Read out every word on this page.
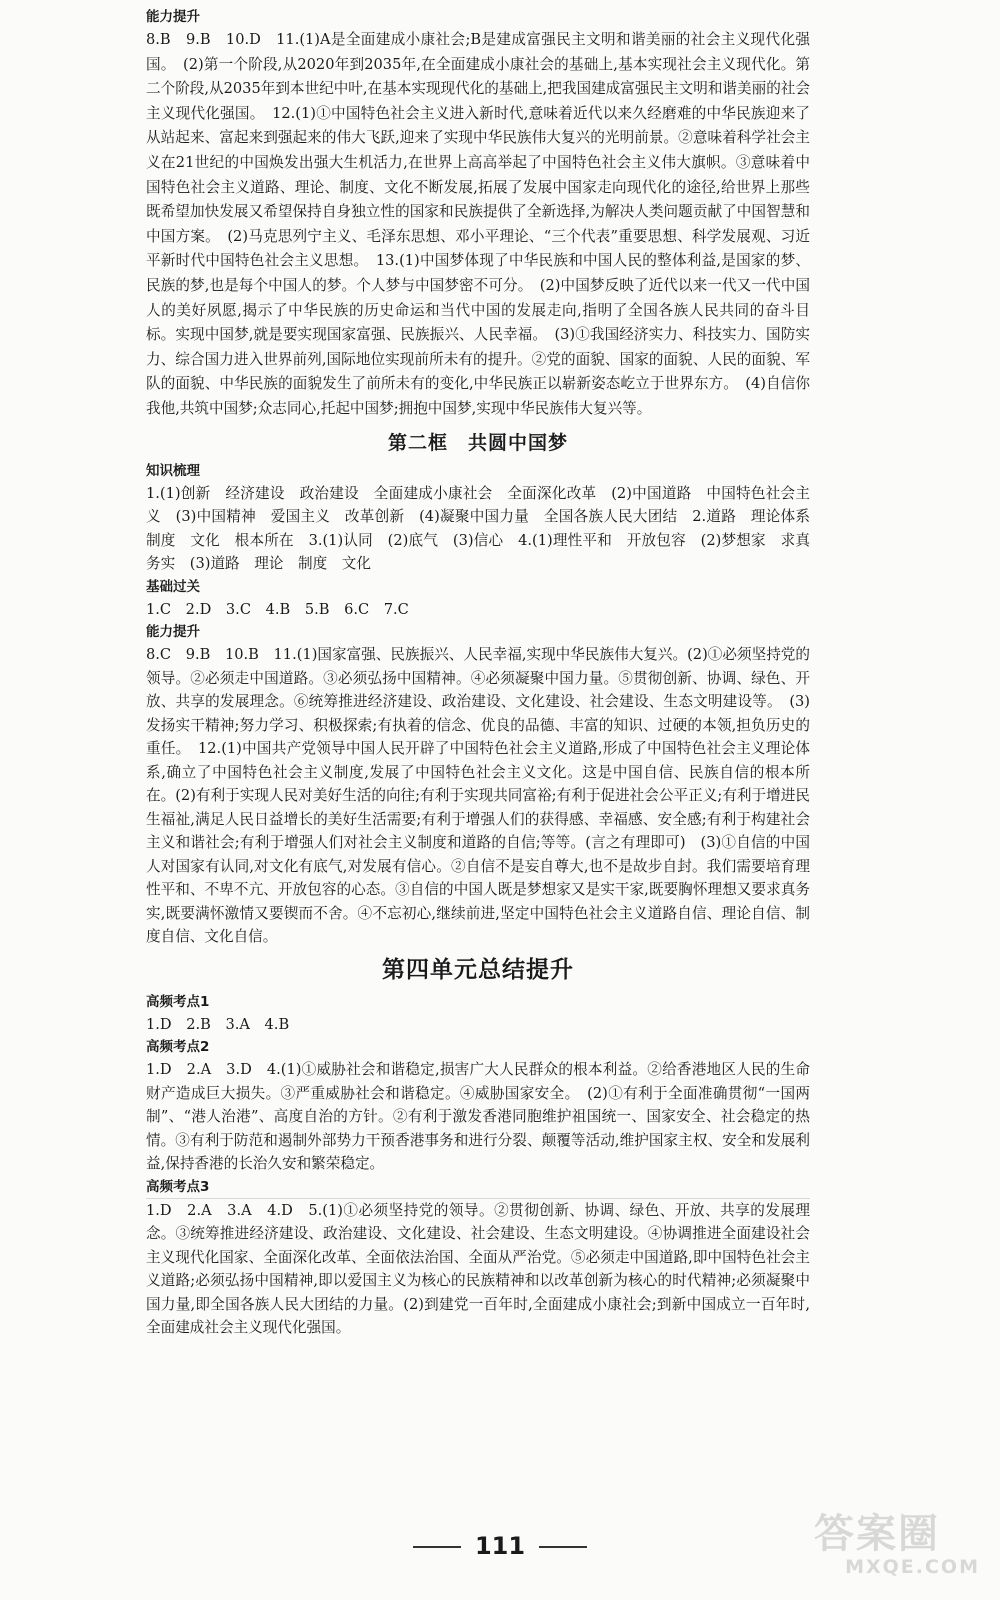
能力提升

8.B　9.B　10.D　11.(1)A是全面建成小康社会;B是建成富强民主文明和谐美丽的社会主义现代化强国。　(2)第一个阶段,从2020年到2035年,在全面建成小康社会的基础上,基本实现社会主义现代化。第二个阶段,从2035年到本世纪中叶,在基本实现现代化的基础上,把我国建成富强民主文明和谐美丽的社会主义现代化强国。　12.(1)①中国特色社会主义进入新时代,意味着近代以来久经磨难的中华民族迎来了从站起来、富起来到强起来的伟大飞跃,迎来了实现中华民族伟大复兴的光明前景。②意味着科学社会主义在21世纪的中国焕发出强大生机活力,在世界上高高举起了中国特色社会主义伟大旗帜。③意味着中国特色社会主义道路、理论、制度、文化不断发展,拓展了发展中国家走向现代化的途径,给世界上那些既希望加快发展又希望保持自身独立性的国家和民族提供了全新选择,为解决人类问题贡献了中国智慧和中国方案。　(2)马克思列宁主义、毛泽东思想、邓小平理论、“三个代表”重要思想、科学发展观、习近平新时代中国特色社会主义思想。　13.(1)中国梦体现了中华民族和中国人民的整体利益,是国家的梦、民族的梦,也是每个中国人的梦。个人梦与中国梦密不可分。　(2)中国梦反映了近代以来一代又一代中国人的美好夙愿,揭示了中华民族的历史命运和当代中国的发展走向,指明了全国各族人民共同的奋斗目标。实现中国梦,就是要实现国家富强、民族振兴、人民幸福。　(3)①我国经济实力、科技实力、国防实力、综合国力进入世界前列,国际地位实现前所未有的提升。②党的面貌、国家的面貌、人民的面貌、军队的面貌、中华民族的面貌发生了前所未有的变化,中华民族正以崭新姿态屹立于世界东方。　(4)自信你我他,共筑中国梦;众志同心,托起中国梦;拥抱中国梦,实现中华民族伟大复兴等。

第二框　共圆中国梦

知识梳理

1.(1)创新　经济建设　政治建设　全面建成小康社会　全面深化改革　(2)中国道路　中国特色社会主义　(3)中国精神　爱国主义　改革创新　(4)凝聚中国力量　全国各族人民大团结　2.道路　理论体系　制度　文化　根本所在　3.(1)认同　(2)底气　(3)信心　4.(1)理性平和　开放包容　(2)梦想家　求真务实　(3)道路　理论　制度　文化

基础过关

1.C　2.D　3.C　4.B　5.B　6.C　7.C

能力提升

8.C　9.B　10.B　11.(1)国家富强、民族振兴、人民幸福,实现中华民族伟大复兴。(2)①必须坚持党的领导。②必须走中国道路。③必须弘扬中国精神。④必须凝聚中国力量。⑤贯彻创新、协调、绿色、开放、共享的发展理念。⑥统筹推进经济建设、政治建设、文化建设、社会建设、生态文明建设等。　(3)发扬实干精神;努力学习、积极探索;有执着的信念、优良的品德、丰富的知识、过硬的本领,担负历史的重任。　12.(1)中国共产党领导中国人民开辟了中国特色社会主义道路,形成了中国特色社会主义理论体系,确立了中国特色社会主义制度,发展了中国特色社会主义文化。这是中国自信、民族自信的根本所在。(2)有利于实现人民对美好生活的向往;有利于实现共同富裕;有利于促进社会公平正义;有利于增进民生福祉,满足人民日益增长的美好生活需要;有利于增强人们的获得感、幸福感、安全感;有利于构建社会主义和谐社会;有利于增强人们对社会主义制度和道路的自信;等等。(言之有理即可)　(3)①自信的中国人对国家有认同,对文化有底气,对发展有信心。②自信不是妄自尊大,也不是故步自封。我们需要培育理性平和、不卑不亢、开放包容的心态。③自信的中国人既是梦想家又是实干家,既要胸怀理想又要求真务实,既要满怀激情又要锲而不舍。④不忘初心,继续前进,坚定中国特色社会主义道路自信、理论自信、制度自信、文化自信。

第四单元总结提升

高频考点1

1.D　2.B　3.A　4.B

高频考点2

1.D　2.A　3.D　4.(1)①威胁社会和谐稳定,损害广大人民群众的根本利益。②给香港地区人民的生命财产造成巨大损失。③严重威胁社会和谐稳定。④威胁国家安全。　(2)①有利于全面准确贯彻“一国两制”、“港人治港”、高度自治的方针。②有利于激发香港同胞维护祖国统一、国家安全、社会稳定的热情。③有利于防范和遏制外部势力干预香港事务和进行分裂、颠覆等活动,维护国家主权、安全和发展利益,保持香港的长治久安和繁荣稳定。

高频考点3

1.D　2.A　3.A　4.D　5.(1)①必须坚持党的领导。②贯彻创新、协调、绿色、开放、共享的发展理念。③统筹推进经济建设、政治建设、文化建设、社会建设、生态文明建设。④协调推进全面建设社会主义现代化国家、全面深化改革、全面依法治国、全面从严治党。⑤必须走中国道路,即中国特色社会主义道路;必须弘扬中国精神,即以爱国主义为核心的民族精神和以改革创新为核心的时代精神;必须凝聚中国力量,即全国各族人民大团结的力量。(2)到建党一百年时,全面建成小康社会;到新中国成立一百年时,全面建成社会主义现代化强国。

111	答案圈
MXQE.COM
